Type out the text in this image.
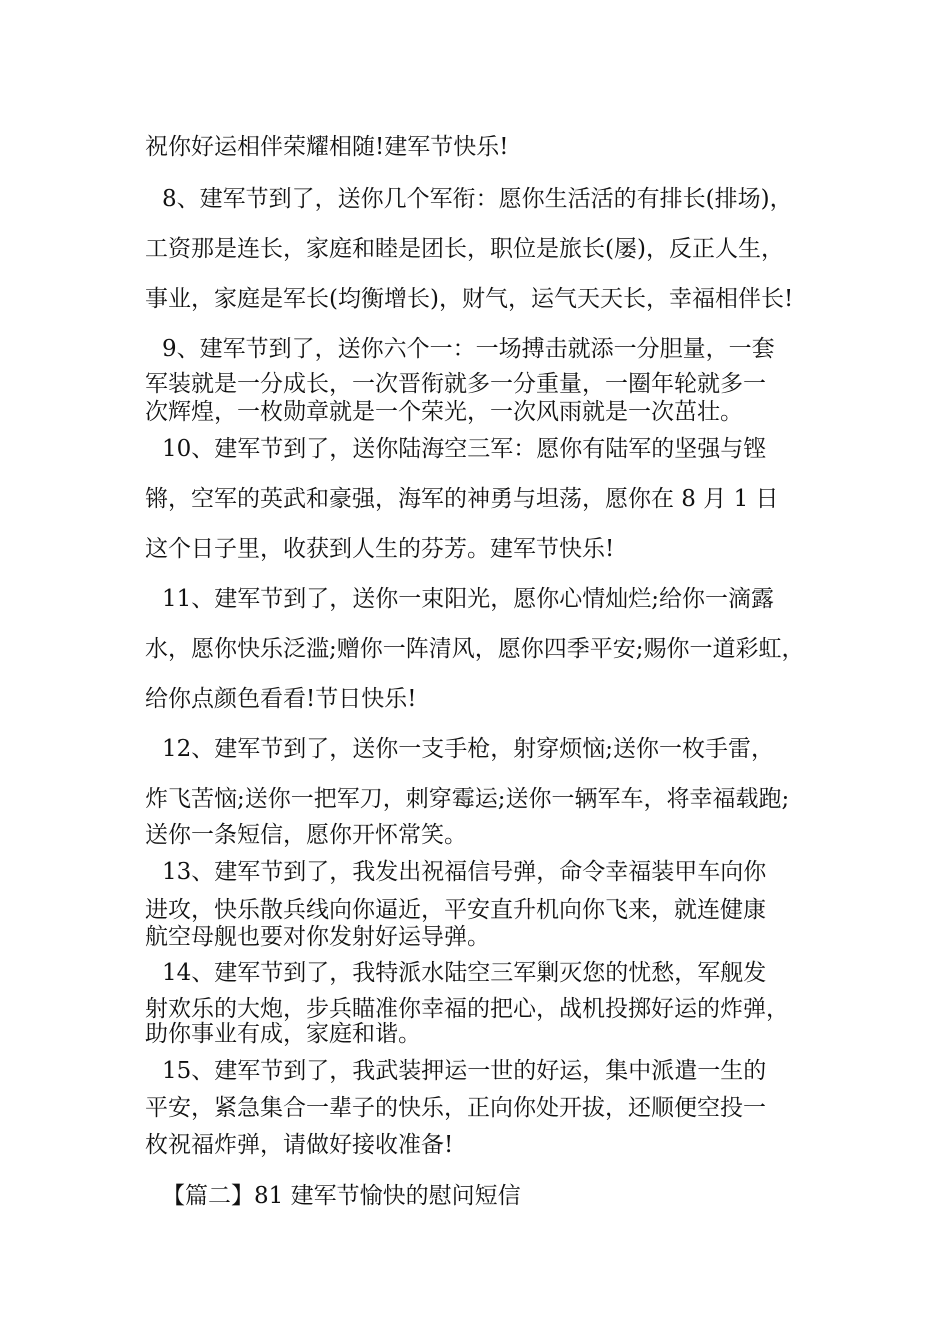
祝你好运相伴荣耀相随!建军节快乐!

8、建军节到了，送你几个军衔：愿你生活活的有排长(排场)，

工资那是连长，家庭和睦是团长，职位是旅长(屡)，反正人生，

事业，家庭是军长(均衡增长)，财气，运气天天长，幸福相伴长!

9、建军节到了，送你六个一：一场搏击就添一分胆量，一套

军装就是一分成长，一次晋衔就多一分重量，一圈年轮就多一

次辉煌，一枚勋章就是一个荣光，一次风雨就是一次茁壮。

10、建军节到了，送你陆海空三军：愿你有陆军的坚强与铿

锵，空军的英武和豪强，海军的神勇与坦荡，愿你在 8 月 1 日

这个日子里，收获到人生的芬芳。建军节快乐!

11、建军节到了，送你一束阳光，愿你心情灿烂;给你一滴露

水，愿你快乐泛滥;赠你一阵清风，愿你四季平安;赐你一道彩虹，

给你点颜色看看!节日快乐!

12、建军节到了，送你一支手枪，射穿烦恼;送你一枚手雷，

炸飞苦恼;送你一把军刀，刺穿霉运;送你一辆军车，将幸福载跑;

送你一条短信，愿你开怀常笑。

13、建军节到了，我发出祝福信号弹，命令幸福装甲车向你

进攻，快乐散兵线向你逼近，平安直升机向你飞来，就连健康

航空母舰也要对你发射好运导弹。

14、建军节到了，我特派水陆空三军剿灭您的忧愁，军舰发

射欢乐的大炮，步兵瞄准你幸福的把心，战机投掷好运的炸弹，

助你事业有成，家庭和谐。

15、建军节到了，我武装押运一世的好运，集中派遣一生的

平安，紧急集合一辈子的快乐，正向你处开拔，还顺便空投一

枚祝福炸弹，请做好接收准备!

【篇二】81 建军节愉快的慰问短信
